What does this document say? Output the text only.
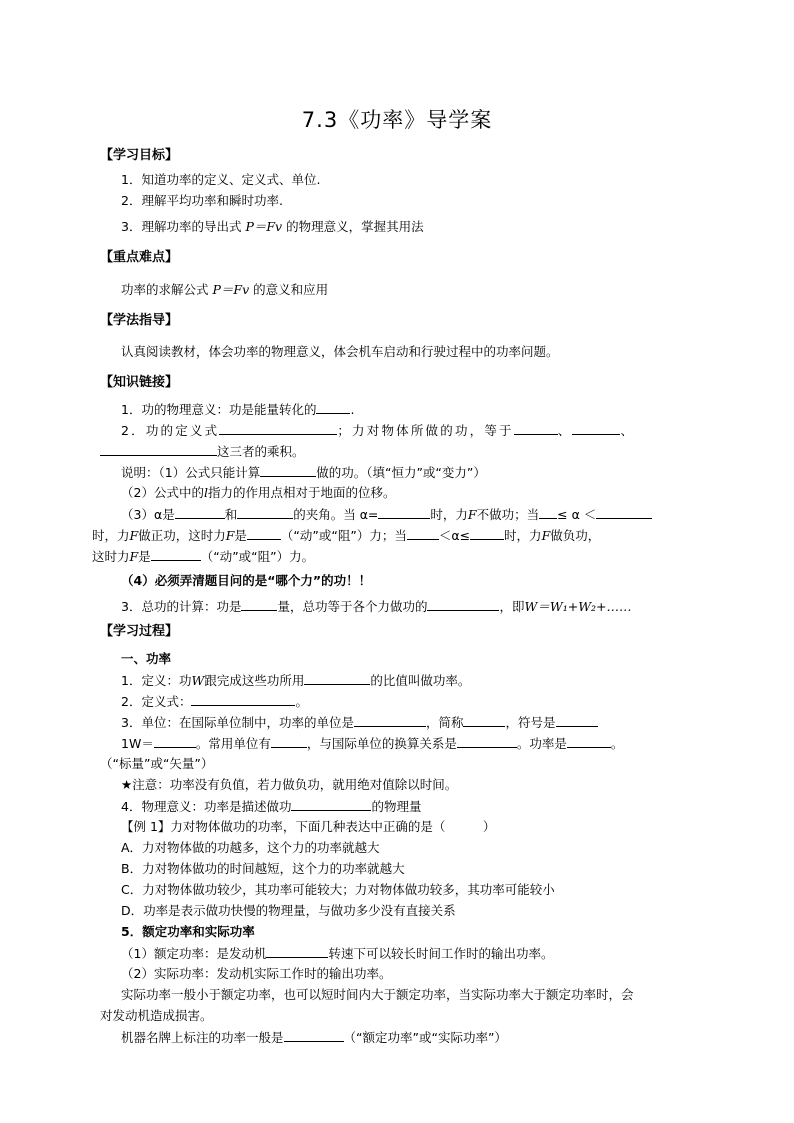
7.3《功率》导学案
【学习目标】
1．知道功率的定义、定义式、单位.
2．理解平均功率和瞬时功率.
3．理解功率的导出式 P＝Fv 的物理意义，掌握其用法
【重点难点】
功率的求解公式 P＝Fv 的意义和应用
【学法指导】
认真阅读教材，体会功率的物理意义，体会机车启动和行驶过程中的功率问题。
【知识链接】
1．功的物理意义：功是能量转化的	.
2．功的定义式	；力对物体所做的功，等于	、	、
这三者的乘积。
说明：（1）公式只能计算	做的功。（填“恒力”或“变力”）
（2）公式中的l指力的作用点相对于地面的位移。
（3）α是	和	的夹角。当 α=	时，力F不做功；当 ≤ α ＜
时，力F做正功，这时力F是	（“动”或“阻”）力；当	＜α≤	时，力F做负功，
这时力F是	（“动”或“阻”）力。
（4）必须弄清题目问的是“哪个力”的功！！
3．总功的计算：功是	量，总功等于各个力做功的	，即W＝W₁+W₂+……
【学习过程】
一、功率
1．定义：功W跟完成这些功所用	的比值叫做功率。
2．定义式：	。
3．单位：在国际单位制中，功率的单位是	，简称	，符号是
1W＝	。常用单位有	，与国际单位的换算关系是	。功率是	。
（“标量”或“矢量”）
★注意：功率没有负值，若力做负功，就用绝对值除以时间。
4．物理意义：功率是描述做功	的物理量
【例 1】力对物体做功的功率，下面几种表达中正确的是（　　　）
A．力对物体做的功越多，这个力的功率就越大
B．力对物体做功的时间越短，这个力的功率就越大
C．力对物体做功较少，其功率可能较大；力对物体做功较多，其功率可能较小
D．功率是表示做功快慢的物理量，与做功多少没有直接关系
5．额定功率和实际功率
（1）额定功率：是发动机	转速下可以较长时间工作时的输出功率。
（2）实际功率：发动机实际工作时的输出功率。
实际功率一般小于额定功率，也可以短时间内大于额定功率，当实际功率大于额定功率时，会
对发动机造成损害。
机器名牌上标注的功率一般是	（“额定功率”或“实际功率”）
